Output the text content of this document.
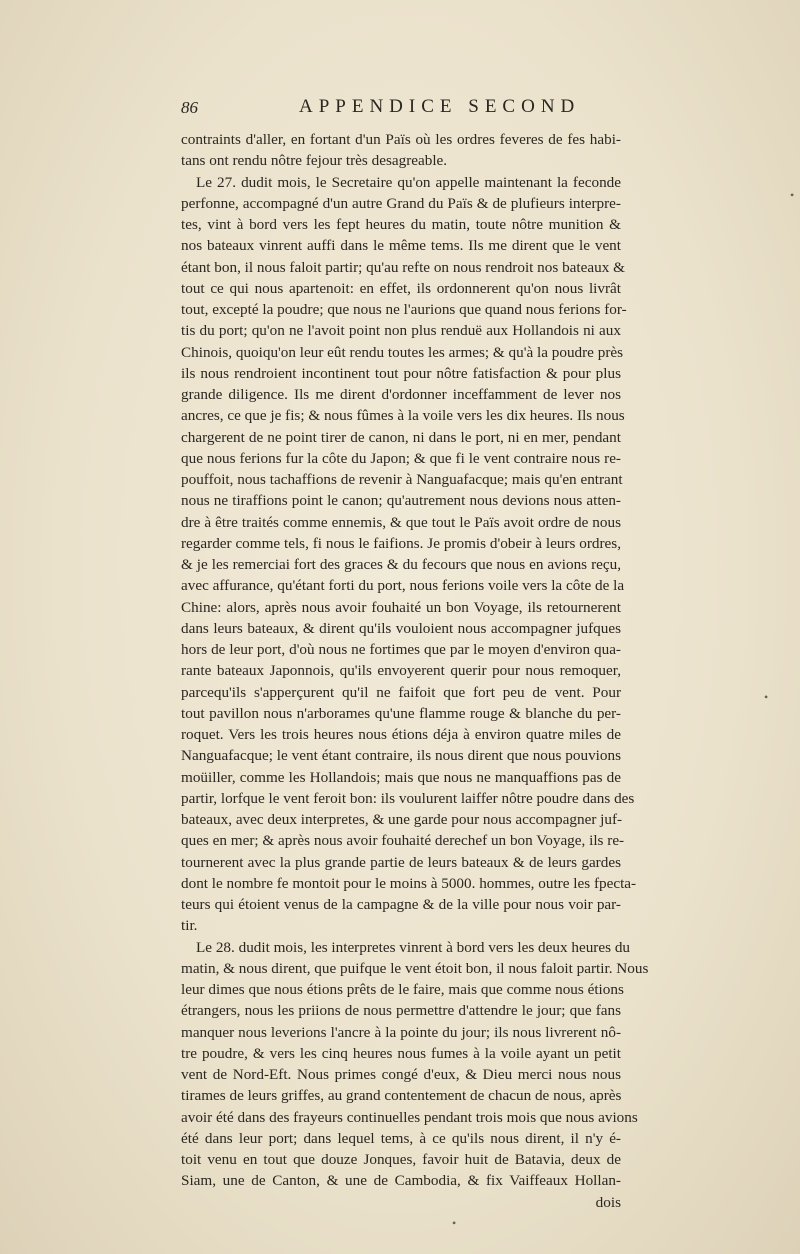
86	APPENDICE SECOND
contraints d'aller, en fortant d'un Païs où les ordres feveres de fes habi-
tans ont rendu nôtre fejour très desagreable.
Le 27. dudit mois, le Secretaire qu'on appelle maintenant la feconde
perfonne, accompagné d'un autre Grand du Païs & de plufieurs interpre-
tes, vint à bord vers les fept heures du matin, toute nôtre munition &
nos bateaux vinrent auffi dans le même tems. Ils me dirent que le vent
étant bon, il nous faloit partir; qu'au refte on nous rendroit nos bateaux &
tout ce qui nous apartenoit: en effet, ils ordonnerent qu'on nous livrât
tout, excepté la poudre; que nous ne l'aurions que quand nous ferions for-
tis du port; qu'on ne l'avoit point non plus renduë aux Hollandois ni aux
Chinois, quoiqu'on leur eût rendu toutes les armes; & qu'à la poudre près
ils nous rendroient incontinent tout pour nôtre fatisfaction & pour plus
grande diligence. Ils me dirent d'ordonner inceffamment de lever nos
ancres, ce que je fis; & nous fûmes à la voile vers les dix heures. Ils nous
chargerent de ne point tirer de canon, ni dans le port, ni en mer, pendant
que nous ferions fur la côte du Japon; & que fi le vent contraire nous re-
pouffoit, nous tachaffions de revenir à Nanguafacque; mais qu'en entrant
nous ne tiraffions point le canon; qu'autrement nous devions nous atten-
dre à être traités comme ennemis, & que tout le Païs avoit ordre de nous
regarder comme tels, fi nous le faifions. Je promis d'obeir à leurs ordres,
& je les remerciai fort des graces & du fecours que nous en avions reçu,
avec affurance, qu'étant forti du port, nous ferions voile vers la côte de la
Chine: alors, après nous avoir fouhaité un bon Voyage, ils retournerent
dans leurs bateaux, & dirent qu'ils vouloient nous accompagner jufques
hors de leur port, d'où nous ne fortimes que par le moyen d'environ qua-
rante bateaux Japonnois, qu'ils envoyerent querir pour nous remoquer,
parcequ'ils s'apperçurent qu'il ne faifoit que fort peu de vent. Pour
tout pavillon nous n'arborames qu'une flamme rouge & blanche du per-
roquet. Vers les trois heures nous étions déja à environ quatre miles de
Nanguafacque; le vent étant contraire, ils nous dirent que nous pouvions
moüiller, comme les Hollandois; mais que nous ne manquaffions pas de
partir, lorfque le vent feroit bon: ils voulurent laiffer nôtre poudre dans des
bateaux, avec deux interpretes, & une garde pour nous accompagner juf-
ques en mer; & après nous avoir fouhaité derechef un bon Voyage, ils re-
tournerent avec la plus grande partie de leurs bateaux & de leurs gardes
dont le nombre fe montoit pour le moins à 5000. hommes, outre les fpecta-
teurs qui étoient venus de la campagne & de la ville pour nous voir par-
tir.
Le 28. dudit mois, les interpretes vinrent à bord vers les deux heures du
matin, & nous dirent, que puifque le vent étoit bon, il nous faloit partir. Nous
leur dimes que nous étions prêts de le faire, mais que comme nous étions
étrangers, nous les priions de nous permettre d'attendre le jour; que fans
manquer nous leverions l'ancre à la pointe du jour; ils nous livrerent nô-
tre poudre, & vers les cinq heures nous fumes à la voile ayant un petit
vent de Nord-Eft. Nous primes congé d'eux, & Dieu merci nous nous
tirames de leurs griffes, au grand contentement de chacun de nous, après
avoir été dans des frayeurs continuelles pendant trois mois que nous avions
été dans leur port; dans lequel tems, à ce qu'ils nous dirent, il n'y é-
toit venu en tout que douze Jonques, favoir huit de Batavia, deux de
Siam, une de Canton, & une de Cambodia, & fix Vaiffeaux Hollan-
dois
•
•
•
